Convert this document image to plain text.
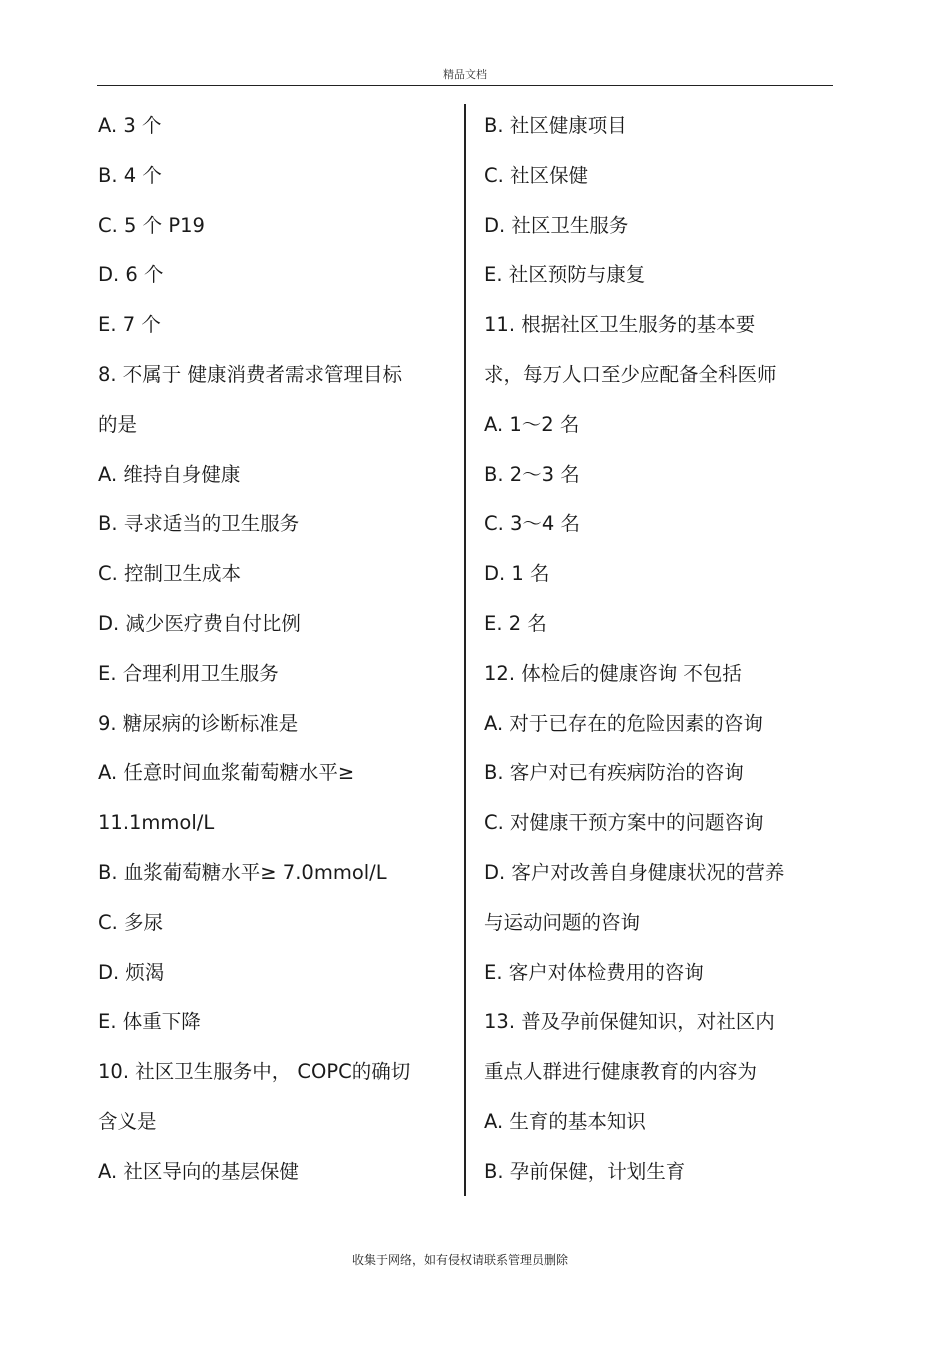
精品文档
A. 3 个
B. 4 个
C. 5 个 P19
D. 6 个
E. 7 个
8. 不属于 健康消费者需求管理目标
的是
A. 维持自身健康
B. 寻求适当的卫生服务
C. 控制卫生成本
D. 减少医疗费自付比例
E. 合理利用卫生服务
9. 糖尿病的诊断标准是
A. 任意时间血浆葡萄糖水平≥
11.1mmol/L
B. 血浆葡萄糖水平≥ 7.0mmol/L
C. 多尿
D. 烦渴
E. 体重下降
10. 社区卫生服务中， COPC的确切
含义是
A. 社区导向的基层保健
B. 社区健康项目
C. 社区保健
D. 社区卫生服务
E. 社区预防与康复
11. 根据社区卫生服务的基本要
求，每万人口至少应配备全科医师
A. 1～2 名
B. 2～3 名
C. 3～4 名
D. 1 名
E. 2 名
12. 体检后的健康咨询 不包括
A. 对于已存在的危险因素的咨询
B. 客户对已有疾病防治的咨询
C. 对健康干预方案中的问题咨询
D. 客户对改善自身健康状况的营养
与运动问题的咨询
E. 客户对体检费用的咨询
13. 普及孕前保健知识，对社区内
重点人群进行健康教育的内容为
A. 生育的基本知识
B. 孕前保健，计划生育
收集于网络，如有侵权请联系管理员删除
